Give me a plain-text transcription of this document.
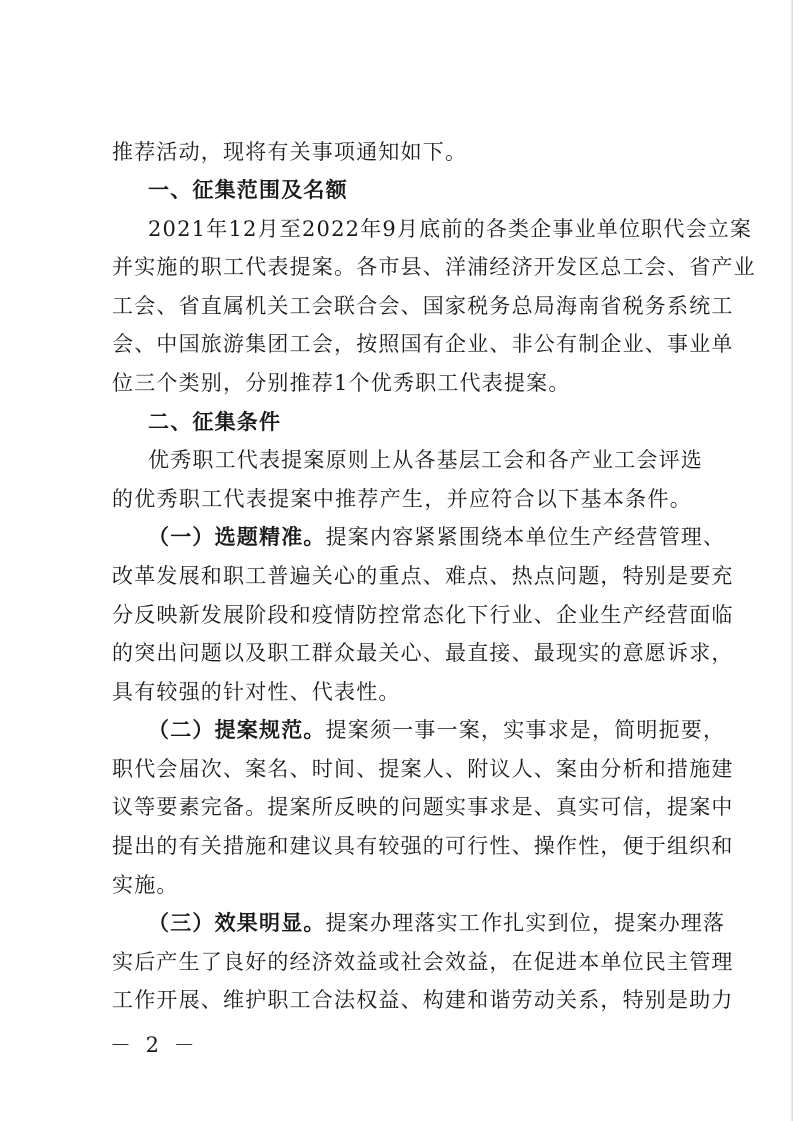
推荐活动，现将有关事项通知如下。
一、征集范围及名额
2021年12月至2022年9月底前的各类企事业单位职代会立案
并实施的职工代表提案。各市县、洋浦经济开发区总工会、省产业
工会、省直属机关工会联合会、国家税务总局海南省税务系统工
会、中国旅游集团工会，按照国有企业、非公有制企业、事业单
位三个类别，分别推荐1个优秀职工代表提案。
二、征集条件
优秀职工代表提案原则上从各基层工会和各产业工会评选
的优秀职工代表提案中推荐产生，并应符合以下基本条件。
（一）选题精准。提案内容紧紧围绕本单位生产经营管理、
改革发展和职工普遍关心的重点、难点、热点问题，特别是要充
分反映新发展阶段和疫情防控常态化下行业、企业生产经营面临
的突出问题以及职工群众最关心、最直接、最现实的意愿诉求，
具有较强的针对性、代表性。
（二）提案规范。提案须一事一案，实事求是，简明扼要，
职代会届次、案名、时间、提案人、附议人、案由分析和措施建
议等要素完备。提案所反映的问题实事求是、真实可信，提案中
提出的有关措施和建议具有较强的可行性、操作性，便于组织和
实施。
（三）效果明显。提案办理落实工作扎实到位，提案办理落
实后产生了良好的经济效益或社会效益，在促进本单位民主管理
工作开展、维护职工合法权益、构建和谐劳动关系，特别是助力
－ 2 －
